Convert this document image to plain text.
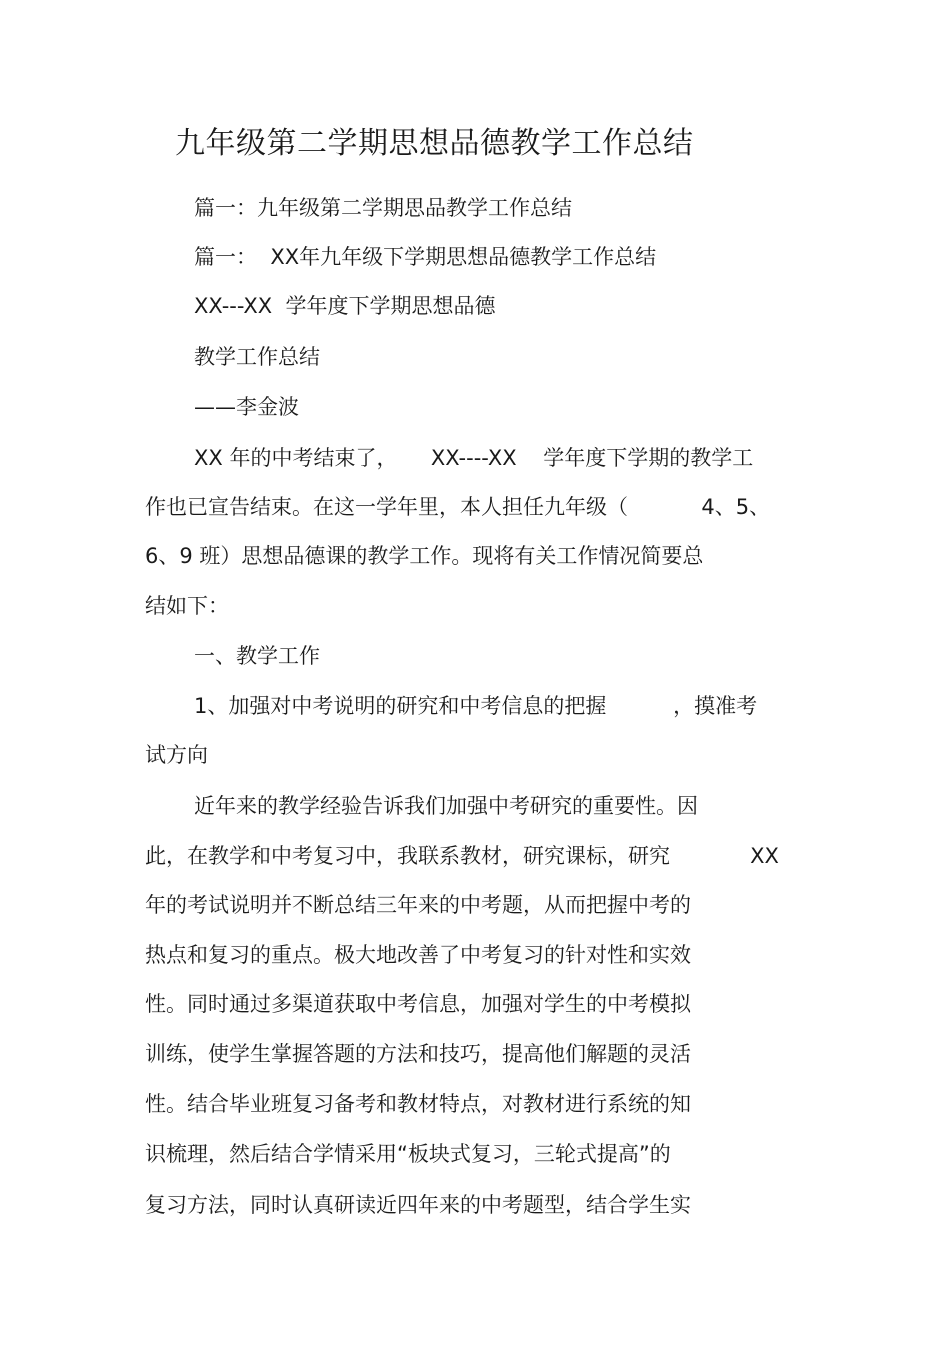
九年级第二学期思想品德教学工作总结
篇一：九年级第二学期思品教学工作总结
篇一：  XX年九年级下学期思想品德教学工作总结
XX---XX  学年度下学期思想品德
教学工作总结
——李金波
XX 年的中考结束了，     XX----XX    学年度下学期的教学工
作也已宣告结束。在这一学年里，本人担任九年级（           4、5、
6、9 班）思想品德课的教学工作。现将有关工作情况简要总
结如下：
一、教学工作
1、加强对中考说明的研究和中考信息的把握          ，摸准考
试方向
近年来的教学经验告诉我们加强中考研究的重要性。因
此，在教学和中考复习中，我联系教材，研究课标，研究            XX
年的考试说明并不断总结三年来的中考题，从而把握中考的
热点和复习的重点。极大地改善了中考复习的针对性和实效
性。同时通过多渠道获取中考信息，加强对学生的中考模拟
训练，使学生掌握答题的方法和技巧，提高他们解题的灵活
性。结合毕业班复习备考和教材特点，对教材进行系统的知
识梳理，然后结合学情采用“板块式复习，三轮式提高”的
复习方法，同时认真研读近四年来的中考题型，结合学生实
